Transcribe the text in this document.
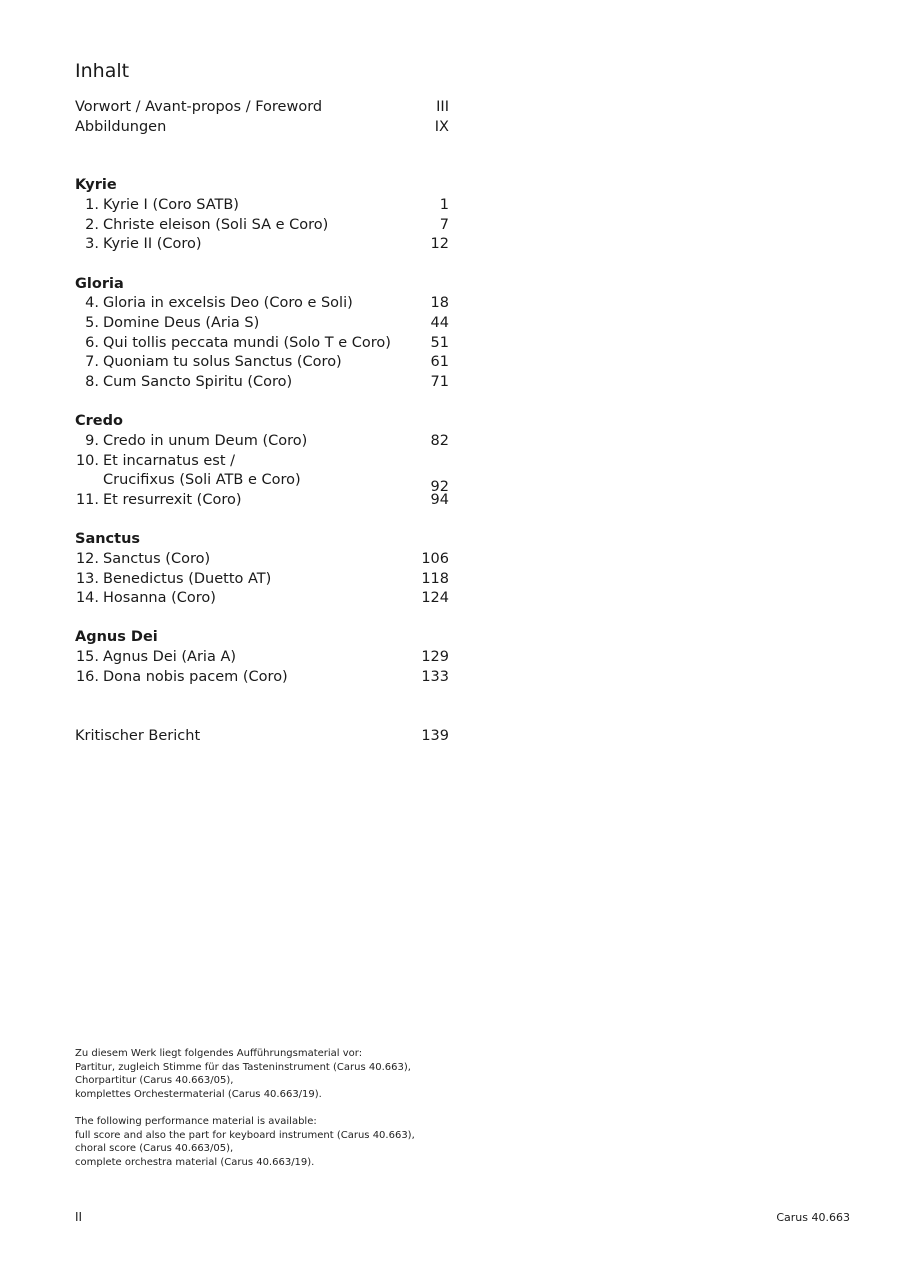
Inhalt
Vorwort / Avant-propos / Foreword	III
Abbildungen	IX
Kyrie
1. Kyrie I (Coro SATB)	1
2. Christe eleison (Soli SA e Coro)	7
3. Kyrie II (Coro)	12
Gloria
4. Gloria in excelsis Deo (Coro e Soli)	18
5. Domine Deus (Aria S)	44
6. Qui tollis peccata mundi (Solo T e Coro)	51
7. Quoniam tu solus Sanctus (Coro)	61
8. Cum Sancto Spiritu (Coro)	71
Credo
9. Credo in unum Deum (Coro)	82
10. Et incarnatus est /
Crucifixus (Soli ATB e Coro)	92
11. Et resurrexit (Coro)	94
Sanctus
12. Sanctus (Coro)	106
13. Benedictus (Duetto AT)	118
14. Hosanna (Coro)	124
Agnus Dei
15. Agnus Dei (Aria A)	129
16. Dona nobis pacem (Coro)	133
Kritischer Bericht	139

Zu diesem Werk liegt folgendes Aufführungsmaterial vor:

Partitur, zugleich Stimme für das Tasteninstrument (Carus 40.663),

Chorpartitur (Carus 40.663/05),

komplettes Orchestermaterial (Carus 40.663/19).

The following performance material is available:

full score and also the part for keyboard instrument (Carus 40.663),

choral score (Carus 40.663/05),

complete orchestra material (Carus 40.663/19).

II	Carus 40.663
